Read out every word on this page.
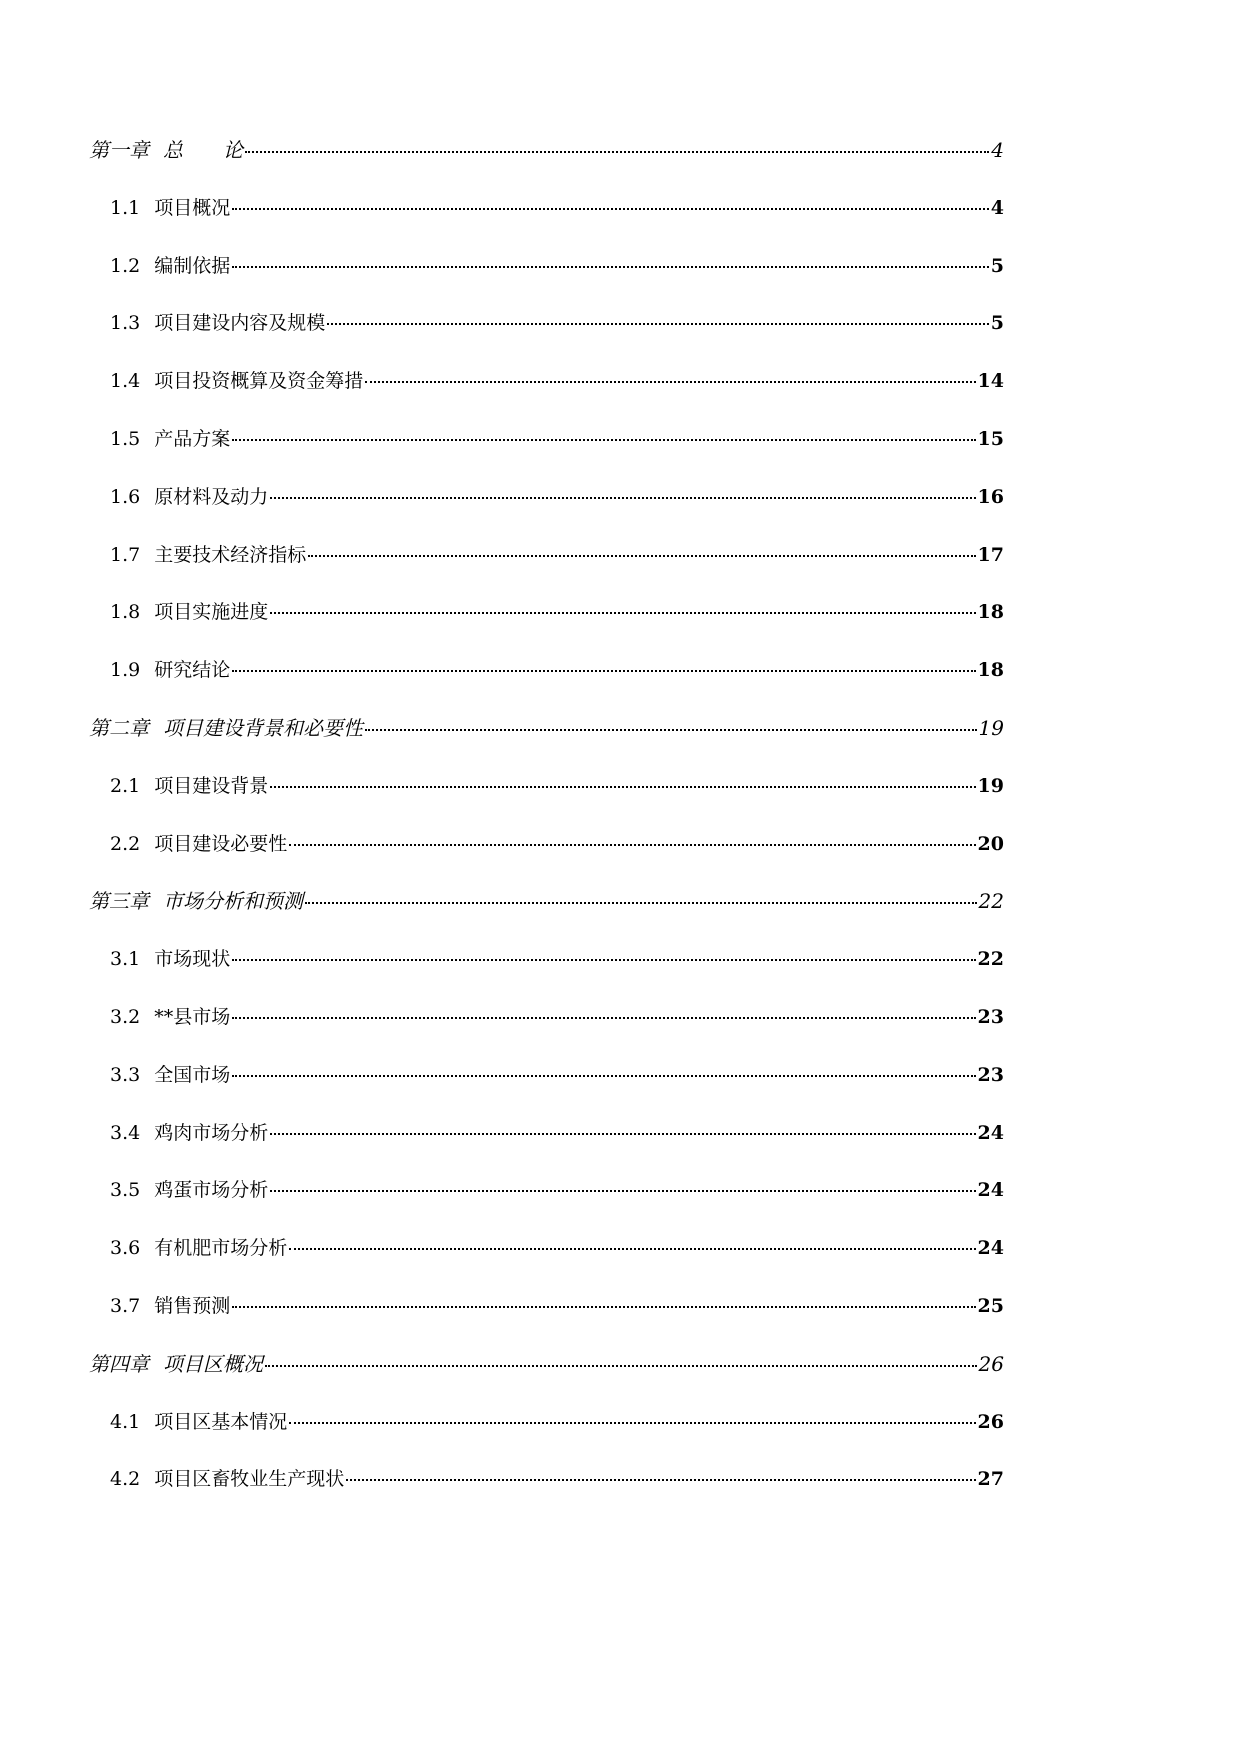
第一章 总　　论	4
1.1 项目概况	4
1.2 编制依据	5
1.3 项目建设内容及规模	5
1.4 项目投资概算及资金筹措	14
1.5 产品方案	15
1.6 原材料及动力	16
1.7 主要技术经济指标	17
1.8 项目实施进度	18
1.9 研究结论	18
第二章 项目建设背景和必要性	19
2.1 项目建设背景	19
2.2 项目建设必要性	20
第三章 市场分析和预测	22
3.1 市场现状	22
3.2 **县市场	23
3.3 全国市场	23
3.4 鸡肉市场分析	24
3.5 鸡蛋市场分析	24
3.6 有机肥市场分析	24
3.7 销售预测	25
第四章 项目区概况	26
4.1 项目区基本情况	26
4.2 项目区畜牧业生产现状	27
